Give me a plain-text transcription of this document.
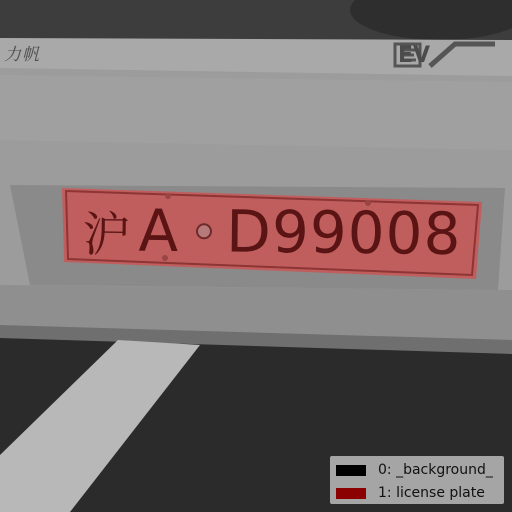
力帆	EV
沪 A D99008
0: _background_
1: license plate
